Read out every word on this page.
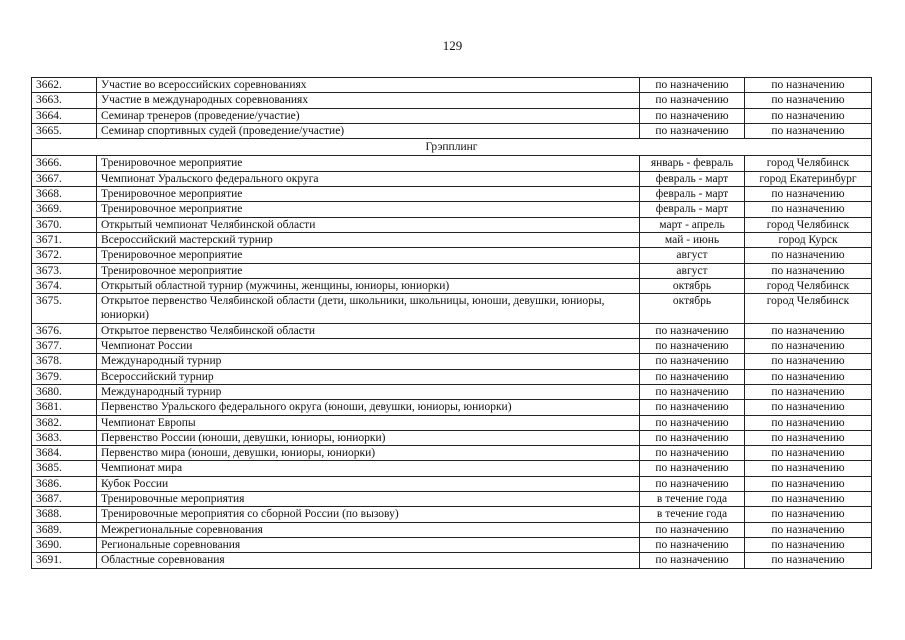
129
3662.	Участие во всероссийских соревнованиях	по назначению	по назначению
3663.	Участие в международных соревнованиях	по назначению	по назначению
3664.	Семинар тренеров (проведение/участие)	по назначению	по назначению
3665.	Семинар спортивных судей (проведение/участие)	по назначению	по назначению
Грэпплинг			
3666.	Тренировочное мероприятие	январь - февраль	город Челябинск
3667.	Чемпионат Уральского федерального округа	февраль - март	город Екатеринбург
3668.	Тренировочное мероприятие	февраль - март	по назначению
3669.	Тренировочное мероприятие	февраль - март	по назначению
3670.	Открытый чемпионат Челябинской области	март - апрель	город Челябинск
3671.	Всероссийский мастерский турнир	май - июнь	город Курск
3672.	Тренировочное мероприятие	август	по назначению
3673.	Тренировочное мероприятие	август	по назначению
3674.	Открытый областной турнир (мужчины, женщины, юниоры, юниорки)	октябрь	город Челябинск
3675.	Открытое первенство Челябинской области (дети, школьники, школьницы, юноши, девушки, юниоры, юниорки)	октябрь	город Челябинск
3676.	Открытое первенство Челябинской области	по назначению	по назначению
3677.	Чемпионат России	по назначению	по назначению
3678.	Международный турнир	по назначению	по назначению
3679.	Всероссийский турнир	по назначению	по назначению
3680.	Международный турнир	по назначению	по назначению
3681.	Первенство Уральского федерального округа (юноши, девушки, юниоры, юниорки)	по назначению	по назначению
3682.	Чемпионат Европы	по назначению	по назначению
3683.	Первенство России (юноши, девушки, юниоры, юниорки)	по назначению	по назначению
3684.	Первенство мира (юноши, девушки, юниоры, юниорки)	по назначению	по назначению
3685.	Чемпионат мира	по назначению	по назначению
3686.	Кубок России	по назначению	по назначению
3687.	Тренировочные мероприятия	в течение года	по назначению
3688.	Тренировочные мероприятия со сборной России (по вызову)	в течение года	по назначению
3689.	Межрегиональные соревнования	по назначению	по назначению
3690.	Региональные соревнования	по назначению	по назначению
3691.	Областные соревнования	по назначению	по назначению
